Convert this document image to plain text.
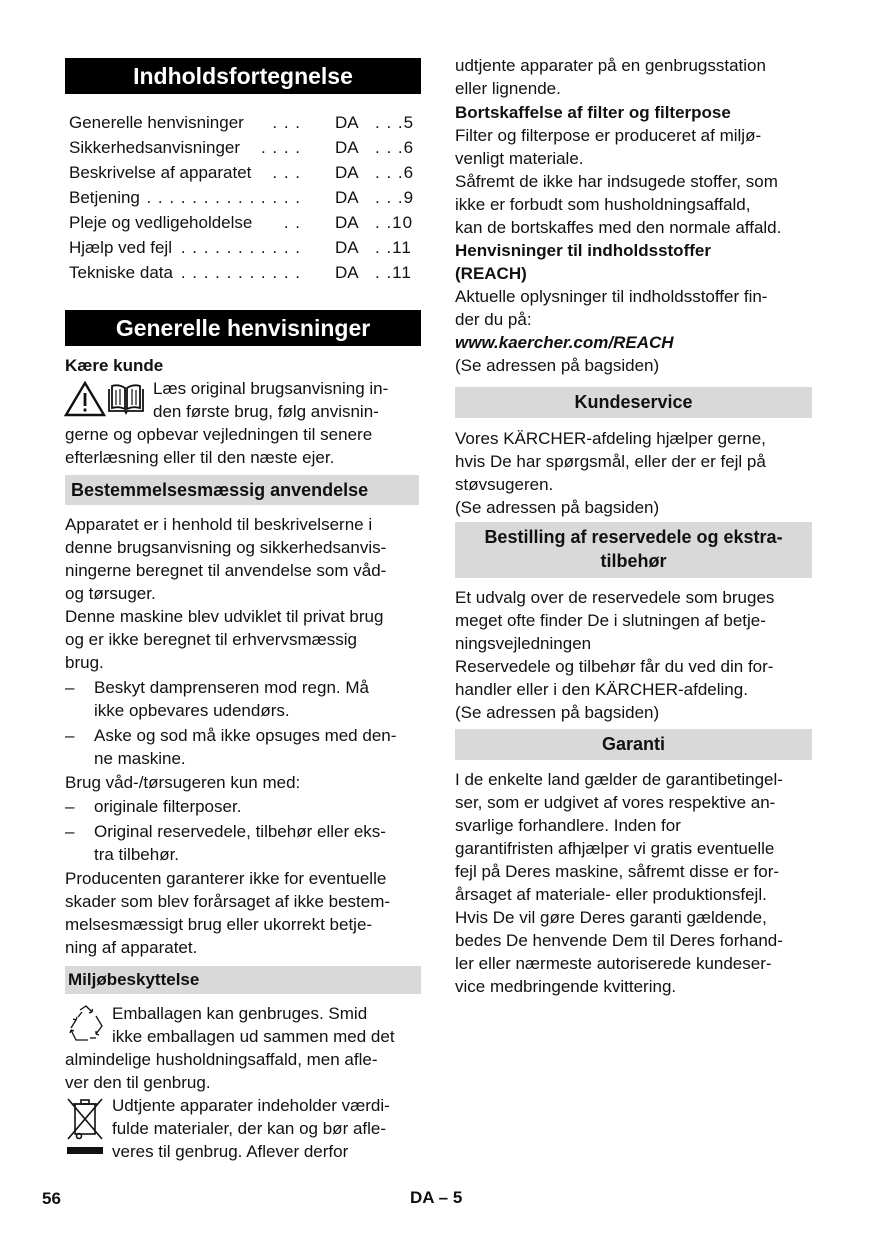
Indholdsfortegnelse
Generelle henvisninger . . . DA . . .5
Sikkerhedsanvisninger . . . . DA . . .6
Beskrivelse af apparatet . . . DA . . .6
Betjening . . . . . . . . . . . . . . DA . . .9
Pleje og vedligeholdelse . . DA . .10
Hjælp ved fejl . . . . . . . . . . . DA . .11
Tekniske data . . . . . . . . . . . DA . .11
Generelle henvisninger
Kære kunde
Læs original brugsanvisning in-
den første brug, følg anvisnin-
gerne og opbevar vejledningen til senere
efterlæsning eller til den næste ejer.
Bestemmelsesmæssig anvendelse

Apparatet er i henhold til beskrivelserne i

denne brugsanvisning og sikkerhedsanvis-

ningerne beregnet til anvendelse som våd-

og tørsuger.

Denne maskine blev udviklet til privat brug

og er ikke beregnet til erhvervsmæssig

brug.

– Beskyt damprenseren mod regn. Må
ikke opbevares udendørs.
– Aske og sod må ikke opsuges med den-
ne maskine.

Brug våd-/tørsugeren kun med:

– originale filterposer.
– Original reservedele, tilbehør eller eks-
tra tilbehør.

Producenten garanterer ikke for eventuelle

skader som blev forårsaget af ikke bestem-

melsesmæssigt brug eller ukorrekt betje-

ning af apparatet.

Miljøbeskyttelse
Emballagen kan genbruges. Smid
ikke emballagen ud sammen med det
almindelige husholdningsaffald, men afle-
ver den til genbrug.
Udtjente apparater indeholder værdi-
fulde materialer, der kan og bør afle-
veres til genbrug. Aflever derfor

udtjente apparater på en genbrugsstation

eller lignende.

Bortskaffelse af filter og filterpose

Filter og filterpose er produceret af miljø-

venligt materiale.

Såfremt de ikke har indsugede stoffer, som

ikke er forbudt som husholdningsaffald,

kan de bortskaffes med den normale affald.

Henvisninger til indholdsstoffer

(REACH)

Aktuelle oplysninger til indholdsstoffer fin-

der du på:

www.kaercher.com/REACH

(Se adressen på bagsiden)

Kundeservice

Vores KÄRCHER-afdeling hjælper gerne,

hvis De har spørgsmål, eller der er fejl på

støvsugeren.

(Se adressen på bagsiden)

Bestilling af reservedele og ekstra-
tilbehør

Et udvalg over de reservedele som bruges

meget ofte finder De i slutningen af betje-

ningsvejledningen

Reservedele og tilbehør får du ved din for-

handler eller i den KÄRCHER-afdeling.

(Se adressen på bagsiden)

Garanti

I de enkelte land gælder de garantibetingel-

ser, som er udgivet af vores respektive an-

svarlige forhandlere. Inden for

garantifristen afhjælper vi gratis eventuelle

fejl på Deres maskine, såfremt disse er for-

årsaget af materiale- eller produktionsfejl.

Hvis De vil gøre Deres garanti gældende,

bedes De henvende Dem til Deres forhand-

ler eller nærmeste autoriserede kundeser-

vice medbringende kvittering.

56	DA – 5
